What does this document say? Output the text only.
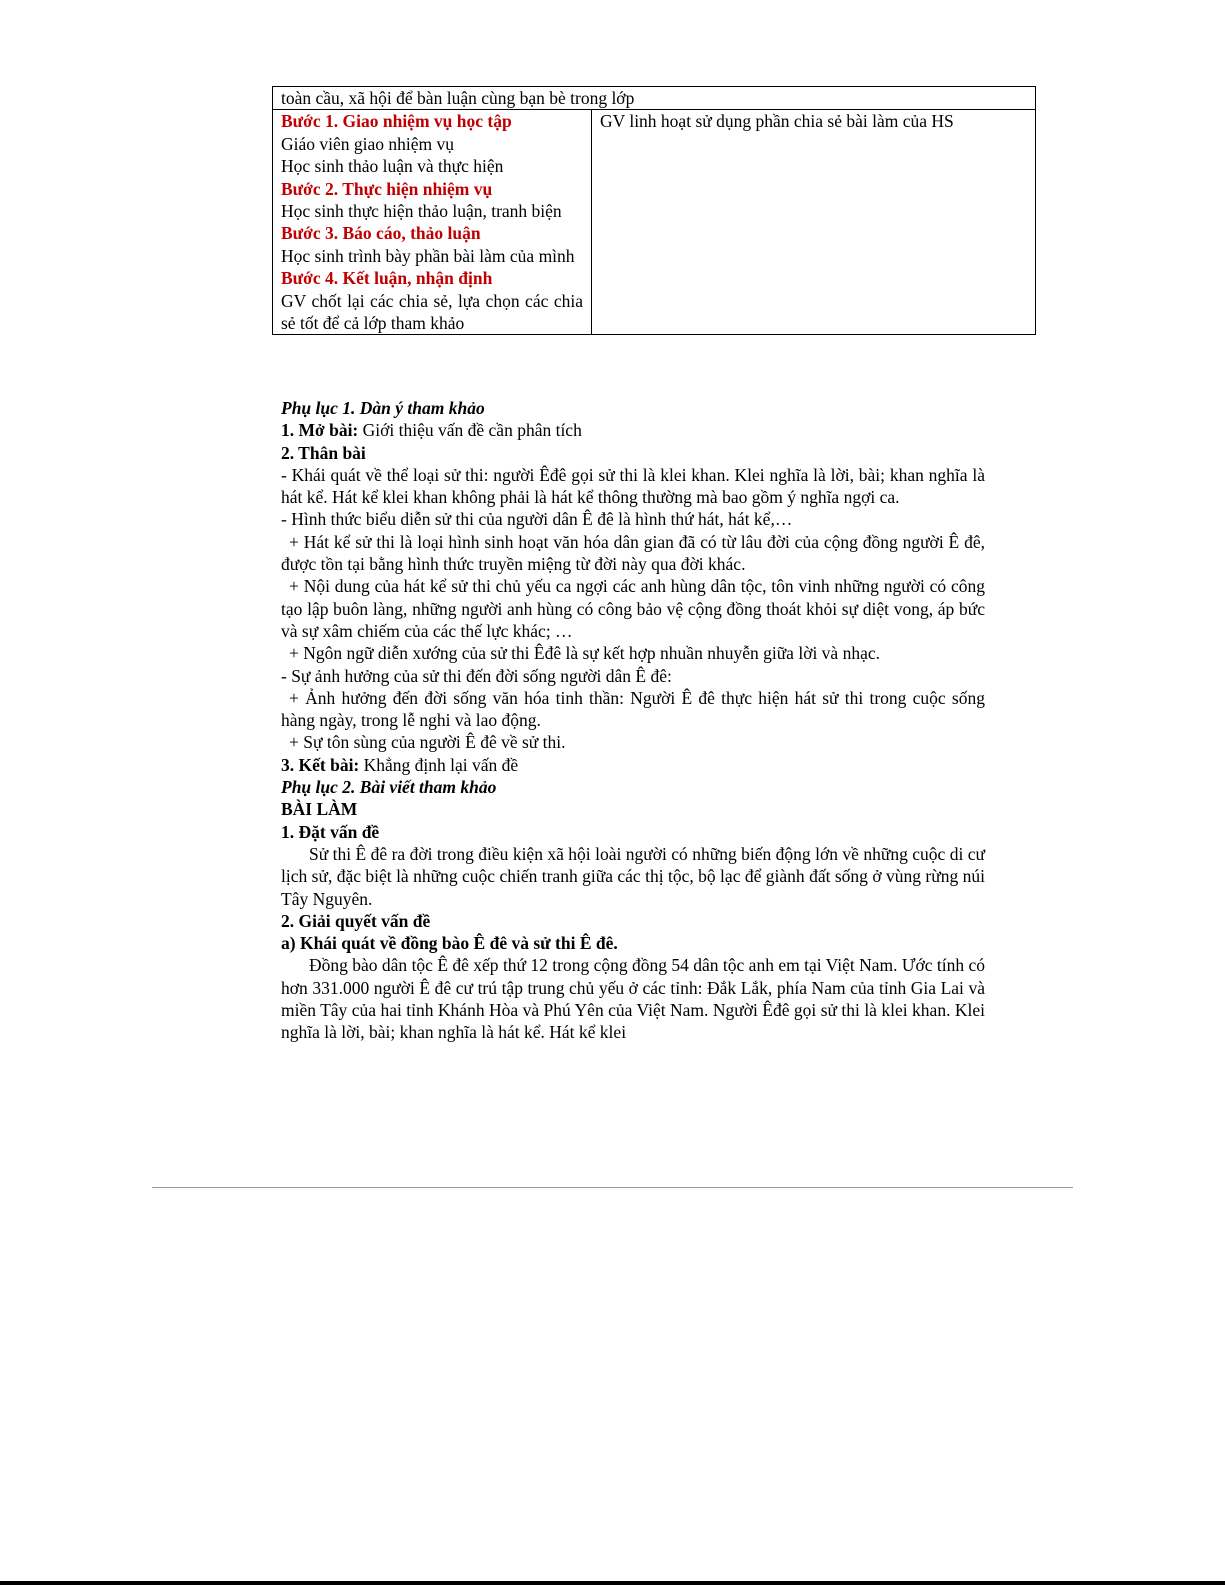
toàn cầu, xã hội để bàn luận cùng bạn bè trong lớp

Bước 1. Giao nhiệm vụ học tập
Giáo viên giao nhiệm vụ
Học sinh thảo luận và thực hiện
Bước 2. Thực hiện nhiệm vụ
Học sinh thực hiện thảo luận, tranh biện
Bước 3. Báo cáo, thảo luận
Học sinh trình bày phần bài làm của mình
Bước 4. Kết luận, nhận định
GV chốt lại các chia sẻ, lựa chọn các chia sẻ tốt để cả lớp tham khảo
	GV linh hoạt sử dụng phần chia sẻ bài làm của HS

Phụ lục 1. Dàn ý tham khảo

1. Mở bài: Giới thiệu vấn đề cần phân tích

2. Thân bài

- Khái quát về thể loại sử thi: người Êđê gọi sử thi là klei khan. Klei nghĩa là lời, bài; khan nghĩa là hát kể. Hát kể klei khan không phải là hát kể thông thường mà bao gồm ý nghĩa ngợi ca.

- Hình thức biểu diễn sử thi của người dân Ê đê là hình thứ hát, hát kể,…

+ Hát kể sử thi là loại hình sinh hoạt văn hóa dân gian đã có từ lâu đời của cộng đồng người Ê đê, được tồn tại bằng hình thức truyền miệng từ đời này qua đời khác.

+ Nội dung của hát kể sử thi chủ yếu ca ngợi các anh hùng dân tộc, tôn vinh những người có công tạo lập buôn làng, những người anh hùng có công bảo vệ cộng đồng thoát khỏi sự diệt vong, áp bức và sự xâm chiếm của các thế lực khác; …

+ Ngôn ngữ diễn xướng của sử thi Êđê là sự kết hợp nhuần nhuyễn giữa lời và nhạc.

- Sự ảnh hưởng của sử thi đến đời sống người dân Ê đê:

+ Ảnh hưởng đến đời sống văn hóa tinh thần: Người Ê đê thực hiện hát sử thi trong cuộc sống hàng ngày, trong lễ nghi và lao động.

+ Sự tôn sùng của người Ê đê về sử thi.

3. Kết bài: Khẳng định lại vấn đề

Phụ lục 2. Bài viết tham khảo

BÀI LÀM

1. Đặt vấn đề

Sử thi Ê đê ra đời trong điều kiện xã hội loài người có những biến động lớn về những cuộc di cư lịch sử, đặc biệt là những cuộc chiến tranh giữa các thị tộc, bộ lạc để giành đất sống ở vùng rừng núi Tây Nguyên.

2. Giải quyết vấn đề

a) Khái quát về đồng bào Ê đê và sử thi Ê đê.

Đồng bào dân tộc Ê đê xếp thứ 12 trong cộng đồng 54 dân tộc anh em tại Việt Nam. Ước tính có hơn 331.000 người Ê đê cư trú tập trung chủ yếu ở các tỉnh: Đắk Lắk, phía Nam của tỉnh Gia Lai và miền Tây của hai tỉnh Khánh Hòa và Phú Yên của Việt Nam. Người Êđê gọi sử thi là klei khan. Klei nghĩa là lời, bài; khan nghĩa là hát kể. Hát kể klei
